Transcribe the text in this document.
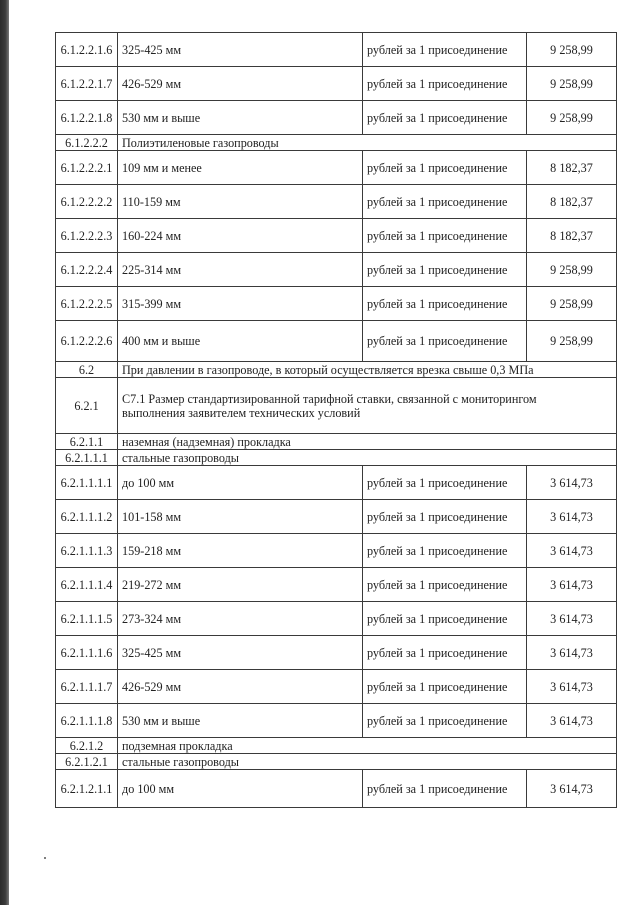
6.1.2.2.1.6	325-425 мм	рублей за 1 присоединение	9 258,99
6.1.2.2.1.7	426-529 мм	рублей за 1 присоединение	9 258,99
6.1.2.2.1.8	530 мм и выше	рублей за 1 присоединение	9 258,99
6.1.2.2.2	Полиэтиленовые газопроводы		
6.1.2.2.2.1	109 мм и менее	рублей за 1 присоединение	8 182,37
6.1.2.2.2.2	110-159 мм	рублей за 1 присоединение	8 182,37
6.1.2.2.2.3	160-224 мм	рублей за 1 присоединение	8 182,37
6.1.2.2.2.4	225-314 мм	рублей за 1 присоединение	9 258,99
6.1.2.2.2.5	315-399 мм	рублей за 1 присоединение	9 258,99
6.1.2.2.2.6	400 мм и выше	рублей за 1 присоединение	9 258,99
6.2	При давлении в газопроводе, в который осуществляется врезка свыше 0,3 МПа		
6.2.1	С7.1 Размер стандартизированной тарифной ставки, связанной с мониторингом выполнения заявителем технических условий		
6.2.1.1	наземная (надземная) прокладка		
6.2.1.1.1	стальные газопроводы		
6.2.1.1.1.1	до 100 мм	рублей за 1 присоединение	3 614,73
6.2.1.1.1.2	101-158 мм	рублей за 1 присоединение	3 614,73
6.2.1.1.1.3	159-218 мм	рублей за 1 присоединение	3 614,73
6.2.1.1.1.4	219-272 мм	рублей за 1 присоединение	3 614,73
6.2.1.1.1.5	273-324 мм	рублей за 1 присоединение	3 614,73
6.2.1.1.1.6	325-425 мм	рублей за 1 присоединение	3 614,73
6.2.1.1.1.7	426-529 мм	рублей за 1 присоединение	3 614,73
6.2.1.1.1.8	530 мм и выше	рублей за 1 присоединение	3 614,73
6.2.1.2	подземная прокладка		
6.2.1.2.1	стальные газопроводы		
6.2.1.2.1.1	до 100 мм	рублей за 1 присоединение	3 614,73
